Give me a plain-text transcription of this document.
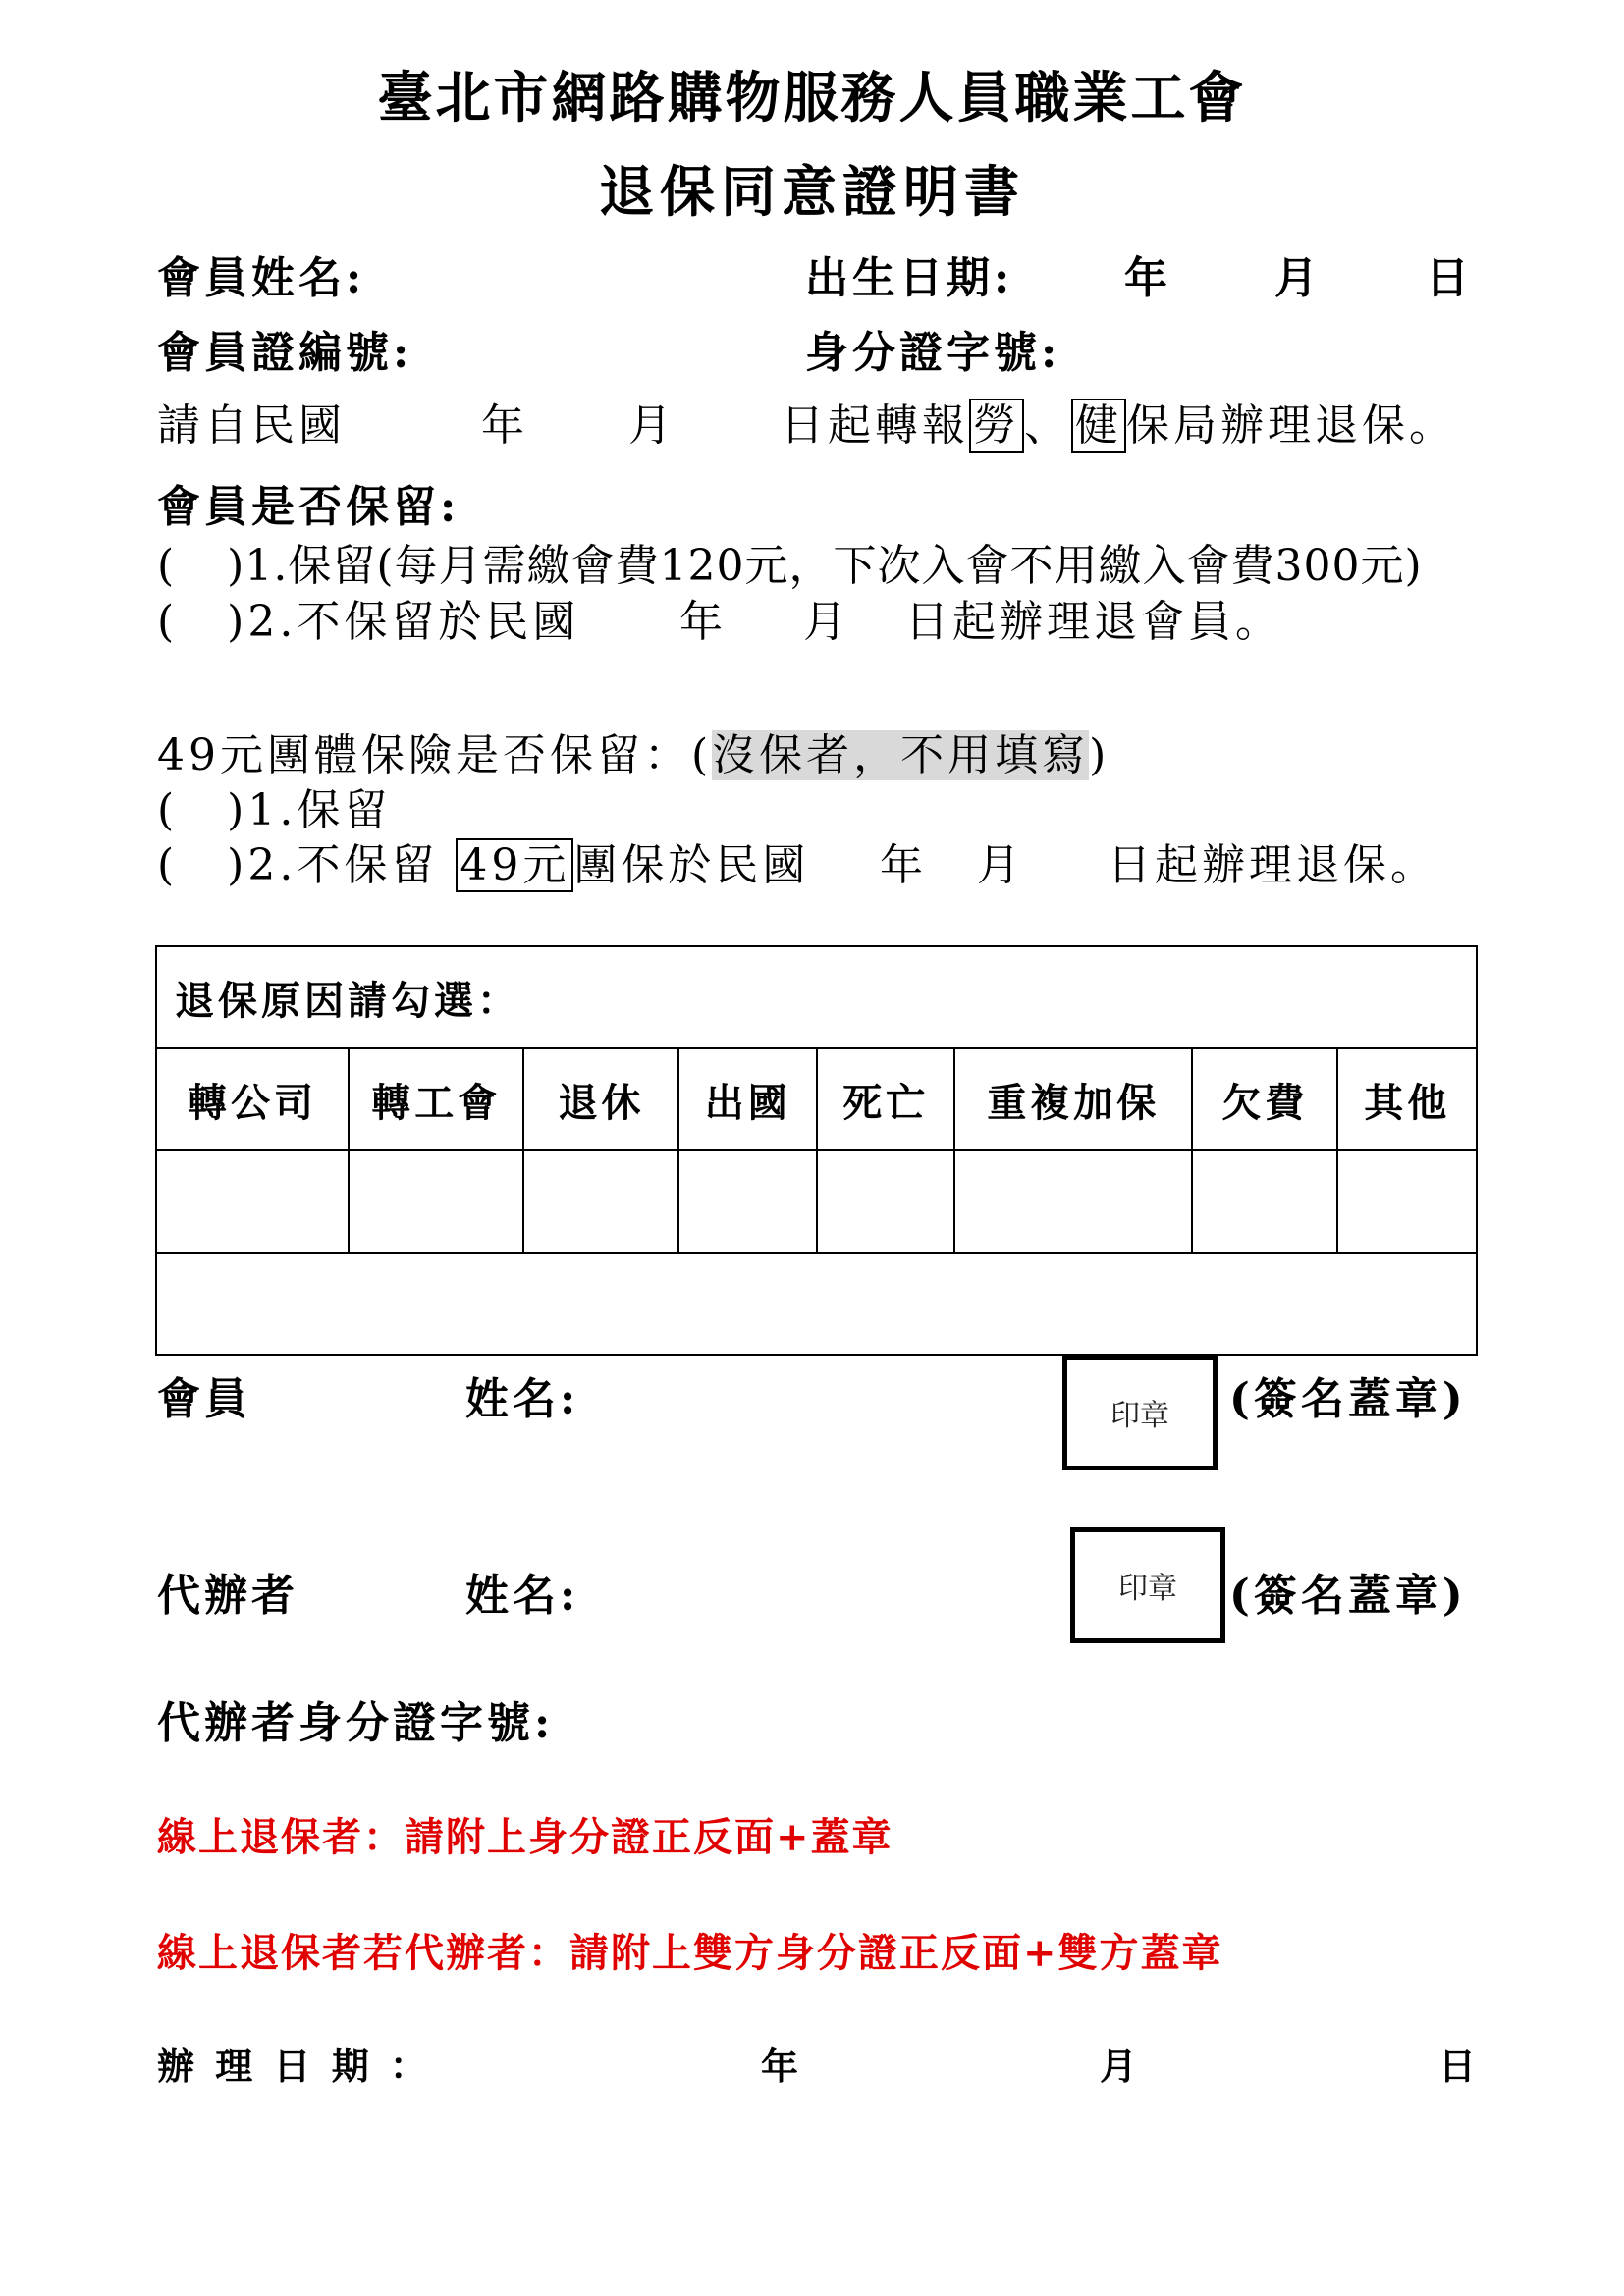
臺北市網路購物服務人員職業工會
退保同意證明書
會員姓名:	出生日期:	年 月 日
會員證編號:	身分證字號:
請自民國	年 月 日起轉報勞、健保局辦理退保。
會員是否保留:
( )1.保留(每月需繳會費120元，下次入會不用繳入會費300元)
( )2.不保留於民國 年 月 日起辦理退會員。
49元團體保險是否保留：(沒保者，不用填寫)
( )1.保留
( )2.不保留 49元團保於民國 年 月 日起辦理退保。
退保原因請勾選：							
轉公司	轉工會	退休	出國	死亡	重複加保	欠費	其他

會員	姓名:	印章	(簽名蓋章)
代辦者	姓名:	印章	(簽名蓋章)
代辦者身分證字號:
線上退保者：請附上身分證正反面+蓋章
線上退保者若代辦者：請附上雙方身分證正反面+雙方蓋章
辦 理 日 期 ：	年	月	日
